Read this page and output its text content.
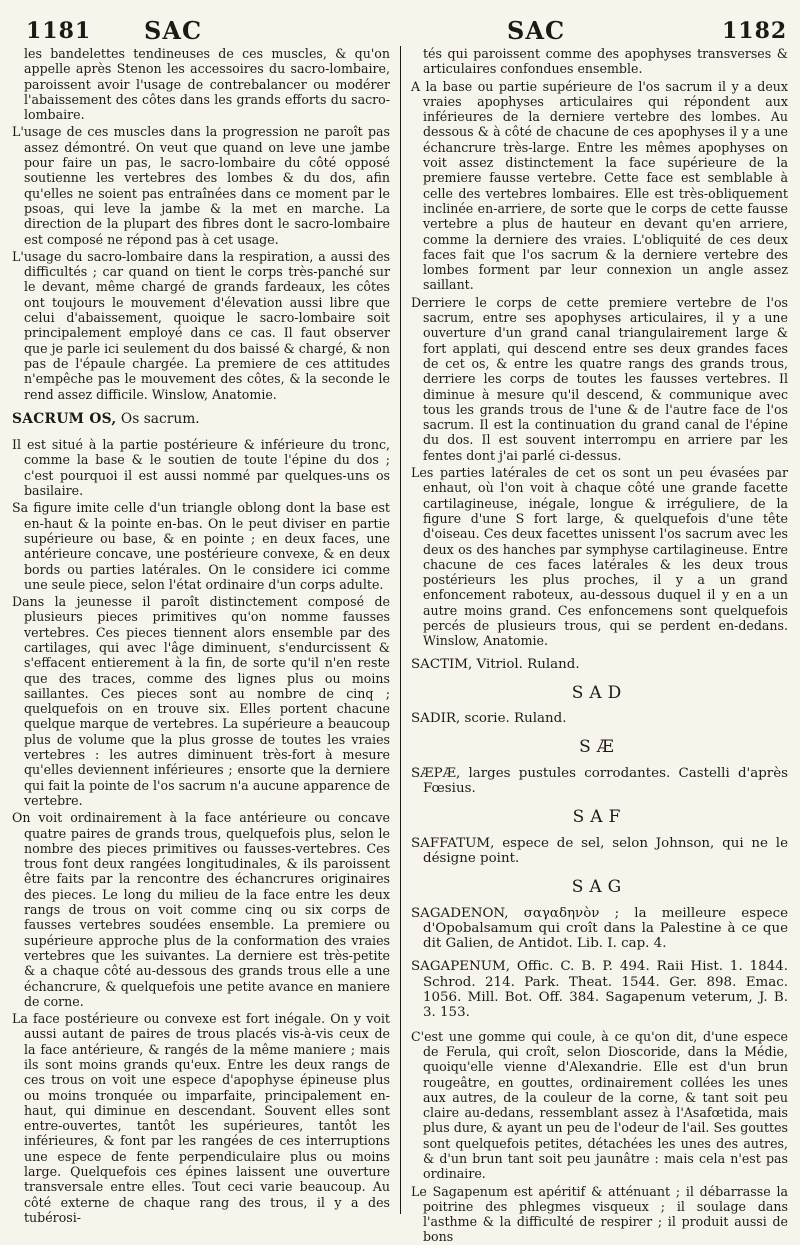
1181 SAC	SAC	1182
les bandelettes tendineuses de ces muscles, & qu'on appelle après Stenon les accessoires du sacro-lombaire, paroissent avoir l'usage de contrebalancer ou modérer l'abaissement des côtes dans les grands efforts du sacro-lombaire.
L'usage de ces muscles dans la progression ne paroît pas assez démontré. On veut que quand on leve une jambe pour faire un pas, le sacro-lombaire du côté opposé soutienne les vertebres des lombes & du dos, afin qu'elles ne soient pas entraînées dans ce moment par le psoas, qui leve la jambe & la met en marche. La direction de la plupart des fibres dont le sacro-lombaire est composé ne répond pas à cet usage.
L'usage du sacro-lombaire dans la respiration, a aussi des difficultés ; car quand on tient le corps très-panché sur le devant, même chargé de grands fardeaux, les côtes ont toujours le mouvement d'élevation aussi libre que celui d'abaissement, quoique le sacro-lombaire soit principalement employé dans ce cas. Il faut observer que je parle ici seulement du dos baissé & chargé, & non pas de l'épaule chargée. La premiere de ces attitudes n'empêche pas le mouvement des côtes, & la seconde le rend assez difficile. Winslow, Anatomie.
SACRUM OS, Os sacrum.
Il est situé à la partie postérieure & inférieure du tronc, comme la base & le soutien de toute l'épine du dos ; c'est pourquoi il est aussi nommé par quelques-uns os basilaire.
Sa figure imite celle d'un triangle oblong dont la base est en-haut & la pointe en-bas. On le peut diviser en partie supérieure ou base, & en pointe ; en deux faces, une antérieure concave, une postérieure convexe, & en deux bords ou parties latérales. On le considere ici comme une seule piece, selon l'état ordinaire d'un corps adulte.
Dans la jeunesse il paroît distinctement composé de plusieurs pieces primitives qu'on nomme fausses vertebres. Ces pieces tiennent alors ensemble par des cartilages, qui avec l'âge diminuent, s'endurcissent & s'effacent entierement à la fin, de sorte qu'il n'en reste que des traces, comme des lignes plus ou moins saillantes. Ces pieces sont au nombre de cinq ; quelquefois on en trouve six. Elles portent chacune quelque marque de vertebres. La supérieure a beaucoup plus de volume que la plus grosse de toutes les vraies vertebres : les autres diminuent très-fort à mesure qu'elles deviennent inférieures ; ensorte que la derniere qui fait la pointe de l'os sacrum n'a aucune apparence de vertebre.
On voit ordinairement à la face antérieure ou concave quatre paires de grands trous, quelquefois plus, selon le nombre des pieces primitives ou fausses-vertebres. Ces trous font deux rangées longitudinales, & ils paroissent être faits par la rencontre des échancrures originaires des pieces. Le long du milieu de la face entre les deux rangs de trous on voit comme cinq ou six corps de fausses vertebres soudées ensemble. La premiere ou supérieure approche plus de la conformation des vraies vertebres que les suivantes. La derniere est très-petite & a chaque côté au-dessous des grands trous elle a une échancrure, & quelquefois une petite avance en maniere de corne.
La face postérieure ou convexe est fort inégale. On y voit aussi autant de paires de trous placés vis-à-vis ceux de la face antérieure, & rangés de la même maniere ; mais ils sont moins grands qu'eux. Entre les deux rangs de ces trous on voit une espece d'apophyse épineuse plus ou moins tronquée ou imparfaite, principalement en-haut, qui diminue en descendant. Souvent elles sont entre-ouvertes, tantôt les supérieures, tantôt les inférieures, & font par les rangées de ces interruptions une espece de fente perpendiculaire plus ou moins large. Quelquefois ces épines laissent une ouverture transversale entre elles. Tout ceci varie beaucoup. Au côté externe de chaque rang des trous, il y a des tubérosi-
tés qui paroissent comme des apophyses transverses & articulaires confondues ensemble.
A la base ou partie supérieure de l'os sacrum il y a deux vraies apophyses articulaires qui répondent aux inférieures de la derniere vertebre des lombes. Au dessous & à côté de chacune de ces apophyses il y a une échancrure très-large. Entre les mêmes apophyses on voit assez distinctement la face supérieure de la premiere fausse vertebre. Cette face est semblable à celle des vertebres lombaires. Elle est très-obliquement inclinée en-arriere, de sorte que le corps de cette fausse vertebre a plus de hauteur en devant qu'en arriere, comme la derniere des vraies. L'obliquité de ces deux faces fait que l'os sacrum & la derniere vertebre des lombes forment par leur connexion un angle assez saillant.
Derriere le corps de cette premiere vertebre de l'os sacrum, entre ses apophyses articulaires, il y a une ouverture d'un grand canal triangulairement large & fort applati, qui descend entre ses deux grandes faces de cet os, & entre les quatre rangs des grands trous, derriere les corps de toutes les fausses vertebres. Il diminue à mesure qu'il descend, & communique avec tous les grands trous de l'une & de l'autre face de l'os sacrum. Il est la continuation du grand canal de l'épine du dos. Il est souvent interrompu en arriere par les fentes dont j'ai parlé ci-dessus.
Les parties latérales de cet os sont un peu évasées par enhaut, où l'on voit à chaque côté une grande facette cartilagineuse, inégale, longue & irréguliere, de la figure d'une S fort large, & quelquefois d'une tête d'oiseau. Ces deux facettes unissent l'os sacrum avec les deux os des hanches par symphyse cartilagineuse. Entre chacune de ces faces latérales & les deux trous postérieurs les plus proches, il y a un grand enfoncement raboteux, au-dessous duquel il y en a un autre moins grand. Ces enfoncemens sont quelquefois percés de plusieurs trous, qui se perdent en-dedans. Winslow, Anatomie.
SACTIM, Vitriol. Ruland.
SAD
SADIR, scorie. Ruland.
SÆ
SÆPÆ, larges pustules corrodantes. Castelli d'après Fœsius.
SAF
SAFFATUM, espece de sel, selon Johnson, qui ne le désigne point.
SAG
SAGADENON, σαγαδηνὸν ; la meilleure espece d'Opobalsamum qui croît dans la Palestine à ce que dit Galien, de Antidot. Lib. I. cap. 4.
SAGAPENUM, Offic. C. B. P. 494. Raii Hist. 1. 1844. Schrod. 214. Park. Theat. 1544. Ger. 898. Emac. 1056. Mill. Bot. Off. 384. Sagapenum veterum, J. B. 3. 153.
C'est une gomme qui coule, à ce qu'on dit, d'une espece de Ferula, qui croît, selon Dioscoride, dans la Médie, quoiqu'elle vienne d'Alexandrie. Elle est d'un brun rougeâtre, en gouttes, ordinairement collées les unes aux autres, de la couleur de la corne, & tant soit peu claire au-dedans, ressemblant assez à l'Asafœtida, mais plus dure, & ayant un peu de l'odeur de l'ail. Ses gouttes sont quelquefois petites, détachées les unes des autres, & d'un brun tant soit peu jaunâtre : mais cela n'est pas ordinaire.
Le Sagapenum est apéritif & atténuant ; il débarrasse la poitrine des phlegmes visqueux ; il soulage dans l'asthme & la difficulté de respirer ; il produit aussi de bons
